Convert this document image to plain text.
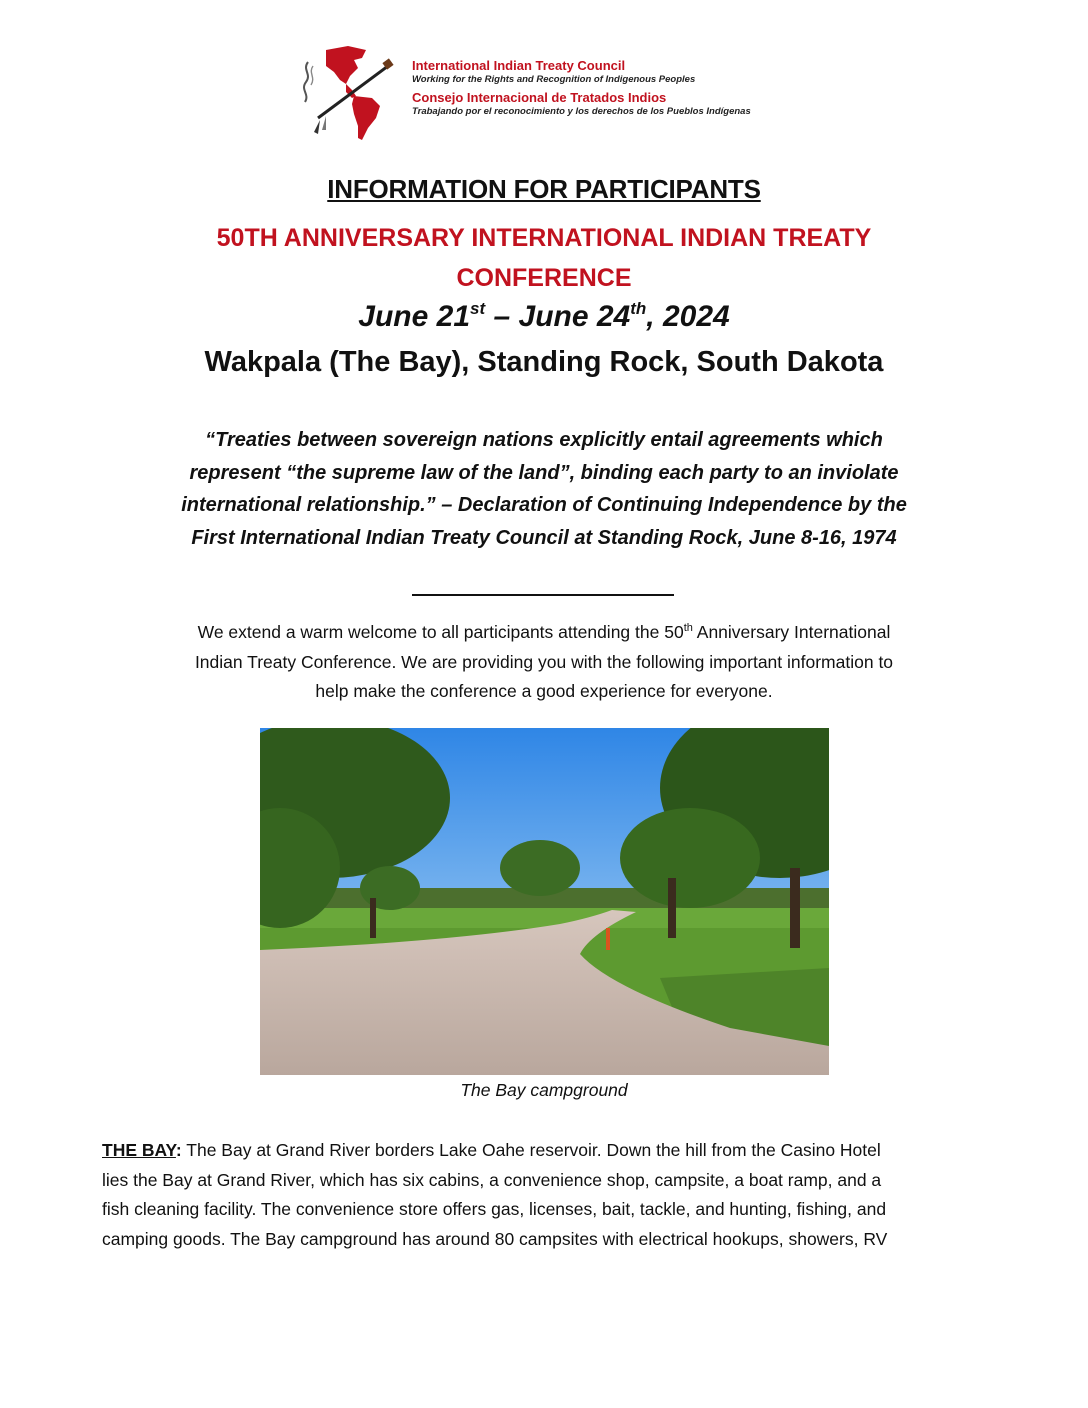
International Indian Treaty Council
Working for the Rights and Recognition of Indigenous Peoples
Consejo Internacional de Tratados Indios
Trabajando por el reconocimiento y los derechos de los Pueblos Indígenas
INFORMATION FOR PARTICIPANTS
50TH ANNIVERSARY INTERNATIONAL INDIAN TREATY
CONFERENCE
June 21st – June 24th, 2024
Wakpala (The Bay), Standing Rock, South Dakota
“Treaties between sovereign nations explicitly entail agreements which
represent “the supreme law of the land”, binding each party to an inviolate
international relationship.” – Declaration of Continuing Independence by the
First International Indian Treaty Council at Standing Rock, June 8-16, 1974
We extend a warm welcome to all participants attending the 50th Anniversary International
Indian Treaty Conference. We are providing you with the following important information to
help make the conference a good experience for everyone.
The Bay campground
THE BAY: The Bay at Grand River borders Lake Oahe reservoir. Down the hill from the Casino Hotel
lies the Bay at Grand River, which has six cabins, a convenience shop, campsite, a boat ramp, and a
fish cleaning facility. The convenience store offers gas, licenses, bait, tackle, and hunting, fishing, and
camping goods. The Bay campground has around 80 campsites with electrical hookups, showers, RV
